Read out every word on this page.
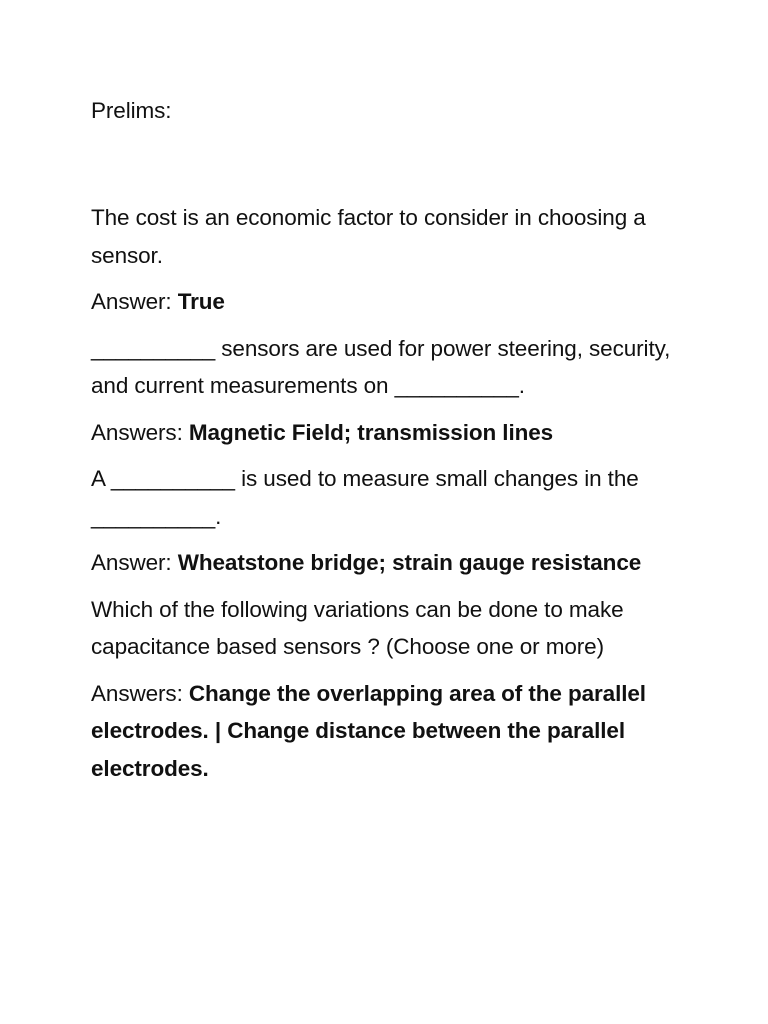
Prelims:

The cost is an economic factor to consider in choosing a sensor.

Answer: True

__________ sensors are used for power steering, security, and current measurements on __________.

Answers: Magnetic Field; transmission lines

A __________ is used to measure small changes in the __________.

Answer: Wheatstone bridge; strain gauge resistance

Which of the following variations can be done to make capacitance based sensors ? (Choose one or more)

Answers: Change the overlapping area of the parallel electrodes. | Change distance between the parallel electrodes.
